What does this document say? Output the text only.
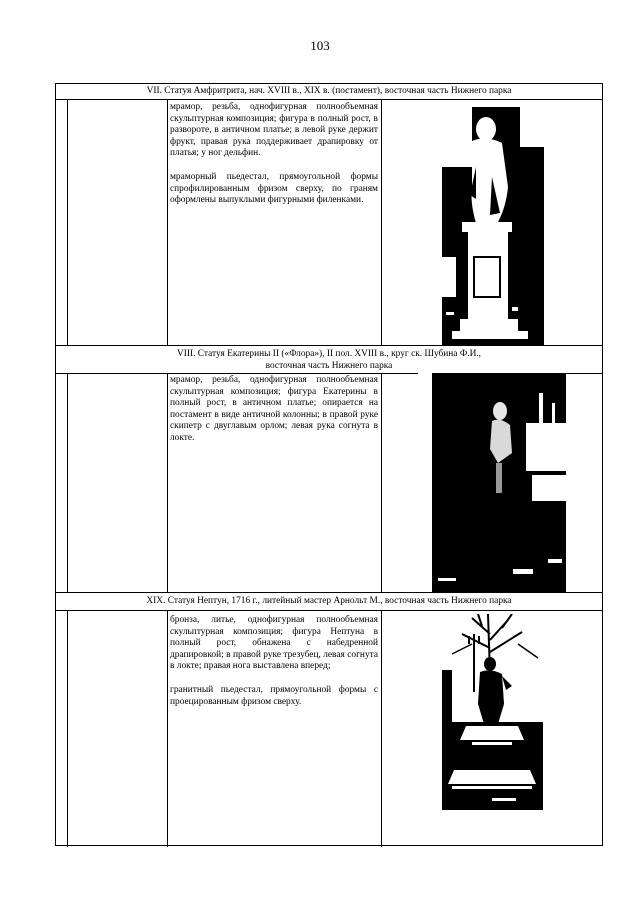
103
VII. Статуя Амфритрита, нач. XVIII в., XIX в. (постамент), восточная часть Нижнего парка

мрамор, резьба, однофигурная полнообъемная скульптурная композиция; фигура в полный рост, в развороте, в античном платье; в левой руке держит фрукт, правая рука поддерживает драпировку от платья; у ног дельфин.

мраморный пьедестал, прямоугольной формы спрофилированным фризом сверху, по граням оформлены выпуклыми фигурными филенками.

VIII. Статуя Екатерины II («Флора»), II пол. XVIII в., круг ск. Шубина Ф.И.,
восточная часть Нижнего парка

мрамор, резьба, однофигурная полнообъемная скульптурная композиция; фигура Екатерины в полный рост, в античном платье; опирается на постамент в виде античной колонны; в правой руке скипетр с двуглавым орлом; левая рука согнута в локте.

XIX. Статуя Нептун, 1716 г., литейный мастер Арнольт М., восточная часть Нижнего парка

бронза, литье, однофигурная полнообъемная скульптурная композиция; фигура Нептуна в полный рост, обнажена с набедренной драпировкой; в правой руке трезубец, левая согнута в локте; правая нога выставлена вперед;

гранитный пьедестал, прямоугольной формы с проецированным фризом сверху.
